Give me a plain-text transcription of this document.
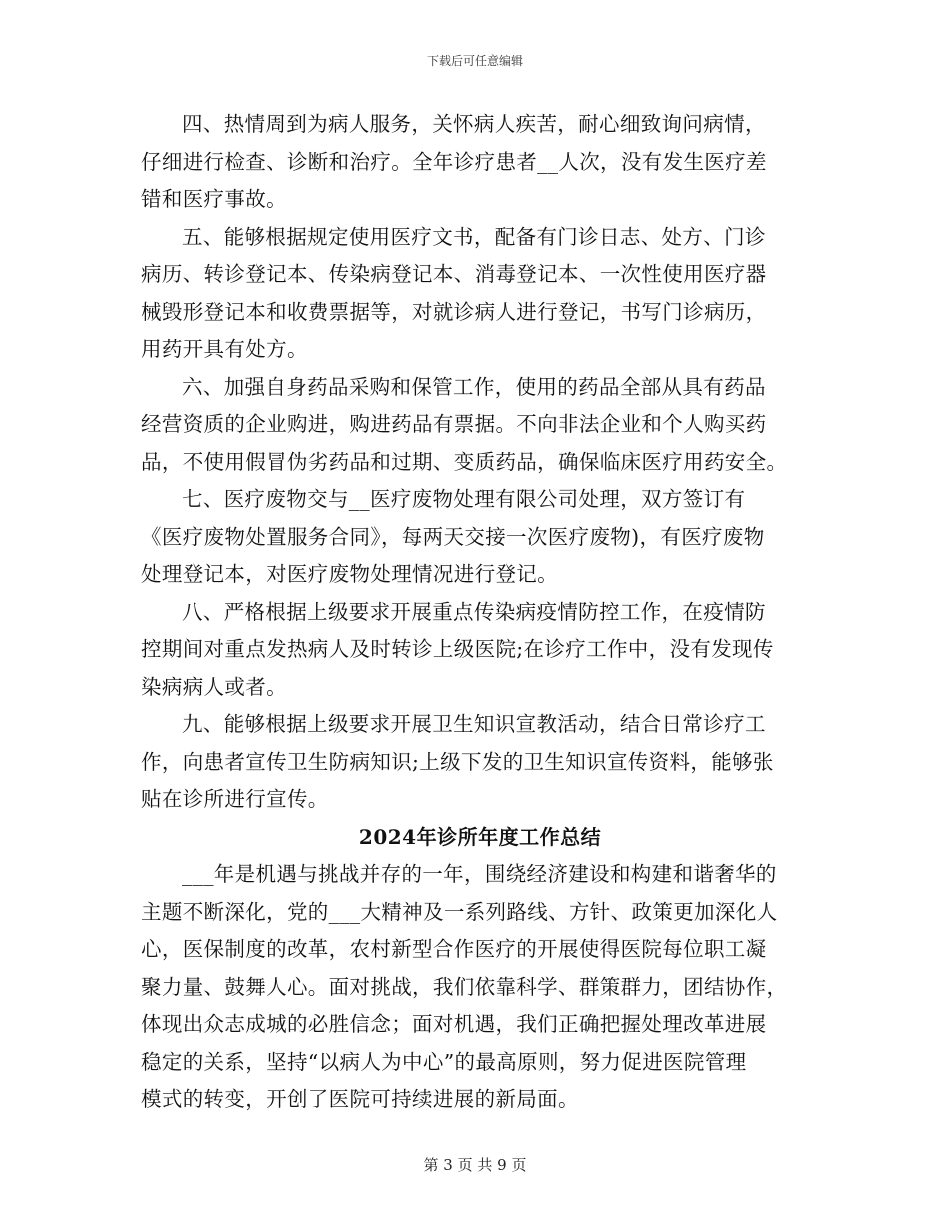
下载后可任意编辑

四、热情周到为病人服务，关怀病人疾苦，耐心细致询问病情，
仔细进行检查、诊断和治疗。全年诊疗患者__人次，没有发生医疗差
错和医疗事故。

五、能够根据规定使用医疗文书，配备有门诊日志、处方、门诊
病历、转诊登记本、传染病登记本、消毒登记本、一次性使用医疗器
械毁形登记本和收费票据等，对就诊病人进行登记，书写门诊病历，
用药开具有处方。

六、加强自身药品采购和保管工作，使用的药品全部从具有药品
经营资质的企业购进，购进药品有票据。不向非法企业和个人购买药
品，不使用假冒伪劣药品和过期、变质药品，确保临床医疗用药安全。

七、医疗废物交与__医疗废物处理有限公司处理，双方签订有
《医疗废物处置服务合同》，每两天交接一次医疗废物)，有医疗废物
处理登记本，对医疗废物处理情况进行登记。

八、严格根据上级要求开展重点传染病疫情防控工作，在疫情防
控期间对重点发热病人及时转诊上级医院;在诊疗工作中，没有发现传
染病病人或者。

九、能够根据上级要求开展卫生知识宣教活动，结合日常诊疗工
作，向患者宣传卫生防病知识;上级下发的卫生知识宣传资料，能够张
贴在诊所进行宣传。

2024年诊所年度工作总结

___年是机遇与挑战并存的一年，围绕经济建设和构建和谐奢华的
主题不断深化，党的___大精神及一系列路线、方针、政策更加深化人
心，医保制度的改革，农村新型合作医疗的开展使得医院每位职工凝
聚力量、鼓舞人心。面对挑战，我们依靠科学、群策群力，团结协作，
体现出众志成城的必胜信念；面对机遇，我们正确把握处理改革进展
稳定的关系，坚持“以病人为中心”的最高原则，努力促进医院管理
模式的转变，开创了医院可持续进展的新局面。

第 3 页 共 9 页
